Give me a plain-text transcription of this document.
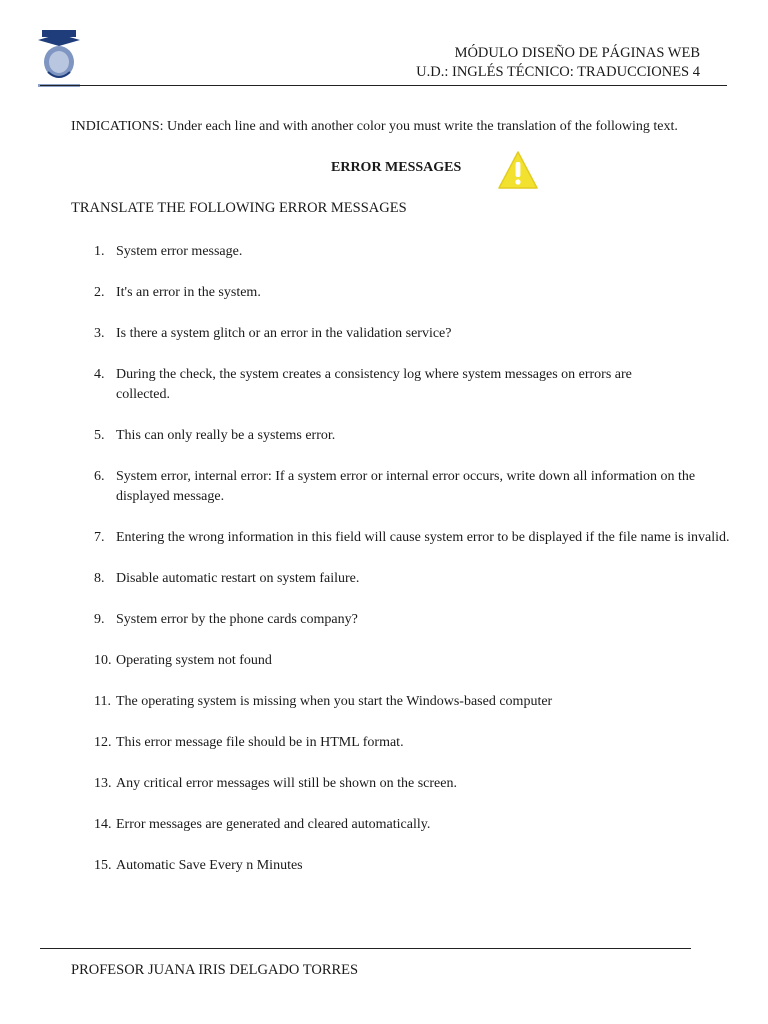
MÓDULO DISEÑO DE PÁGINAS WEB
U.D.: INGLÉS TÉCNICO: TRADUCCIONES 4
INDICATIONS: Under each line and with another color you must write the translation of the following text.
ERROR MESSAGES
TRANSLATE THE FOLLOWING ERROR MESSAGES
1. System error message.
2. It's an error in the system.
3. Is there a system glitch or an error in the validation service?
4. During the check, the system creates a consistency log where system messages on errors are collected.
5. This can only really be a systems error.
6. System error, internal error: If a system error or internal error occurs, write down all information on the displayed message.
7. Entering the wrong information in this field will cause system error to be displayed if the file name is invalid.
8. Disable automatic restart on system failure.
9. System error by the phone cards company?
10. Operating system not found
11. The operating system is missing when you start the Windows-based computer
12. This error message file should be in HTML format.
13. Any critical error messages will still be shown on the screen.
14. Error messages are generated and cleared automatically.
15. Automatic Save Every n Minutes
PROFESOR JUANA IRIS DELGADO TORRES
